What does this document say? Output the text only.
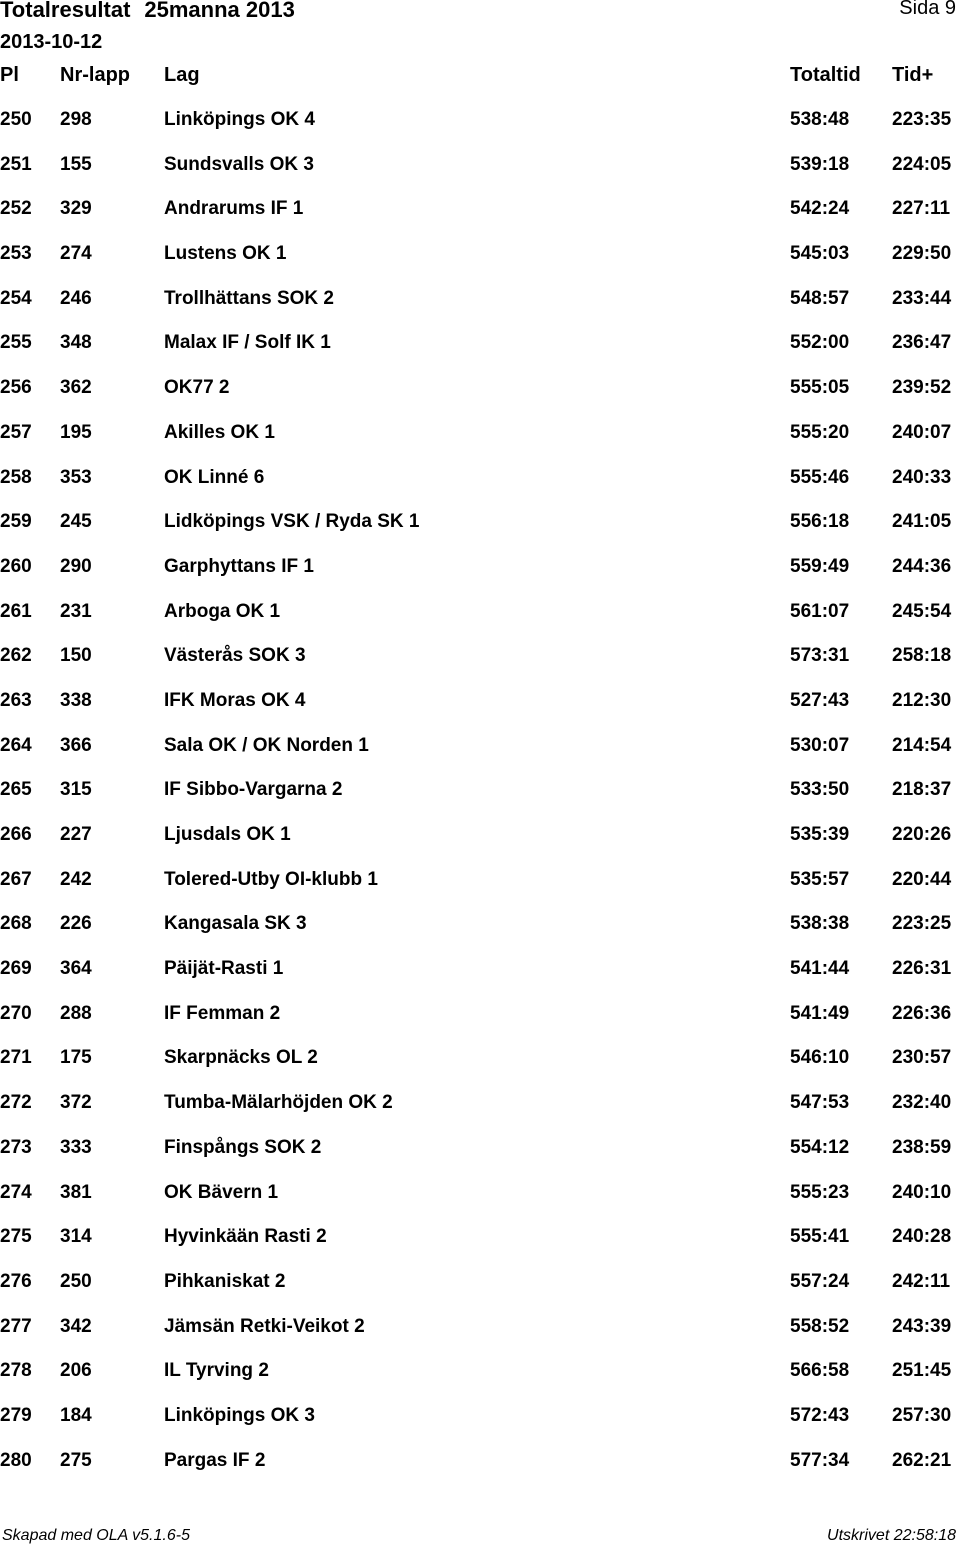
Totalresultat 25manna 2013	Sida 9
2013-10-12
Pl Nr-lapp Lag	Totaltid Tid+
250 298	Linköpings OK 4	538:48 223:35
251 155	Sundsvalls OK 3	539:18 224:05
252 329	Andrarums IF 1	542:24 227:11
253 274	Lustens OK 1	545:03 229:50
254 246	Trollhättans SOK 2	548:57 233:44
255 348	Malax IF / Solf IK 1	552:00 236:47
256 362	OK77 2	555:05 239:52
257 195	Akilles OK 1	555:20 240:07
258 353	OK Linné 6	555:46 240:33
259 245	Lidköpings VSK / Ryda SK 1	556:18 241:05
260 290	Garphyttans IF 1	559:49 244:36
261 231	Arboga OK 1	561:07 245:54
262 150	Västerås SOK 3	573:31 258:18
263 338	IFK Moras OK 4	527:43 212:30
264 366	Sala OK / OK Norden 1	530:07 214:54
265 315	IF Sibbo-Vargarna 2	533:50 218:37
266 227	Ljusdals OK 1	535:39 220:26
267 242	Tolered-Utby OI-klubb 1	535:57 220:44
268 226	Kangasala SK 3	538:38 223:25
269 364	Päijät-Rasti 1	541:44 226:31
270 288	IF Femman 2	541:49 226:36
271 175	Skarpnäcks OL 2	546:10 230:57
272 372	Tumba-Mälarhöjden OK 2	547:53 232:40
273 333	Finspångs SOK 2	554:12 238:59
274 381	OK Bävern 1	555:23 240:10
275 314	Hyvinkään Rasti 2	555:41 240:28
276 250	Pihkaniskat 2	557:24 242:11
277 342	Jämsän Retki-Veikot 2	558:52 243:39
278 206	IL Tyrving 2	566:58 251:45
279 184	Linköpings OK 3	572:43 257:30
280 275	Pargas IF 2	577:34 262:21
Skapad med OLA v5.1.6-5	Utskrivet 22:58:18
